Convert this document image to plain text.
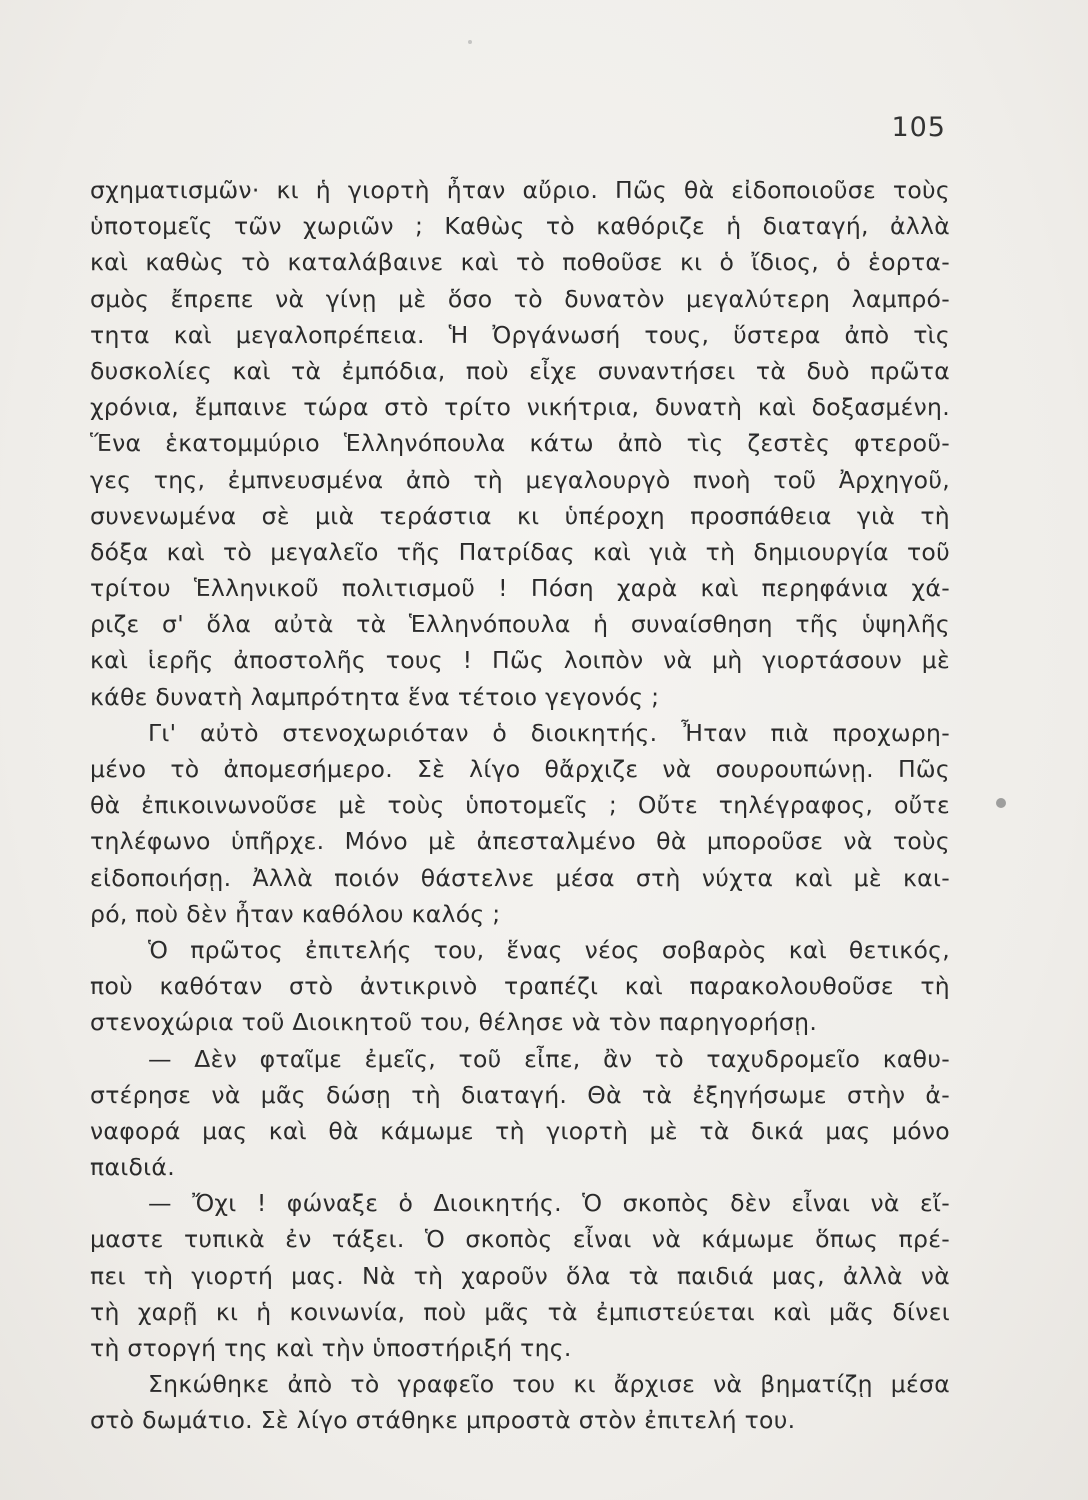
105
σχηματισμῶν· κι ἡ γιορτὴ ἦταν αὔριο. Πῶς θὰ εἰδοποιοῦσε τοὺς
ὑποτομεῖς τῶν χωριῶν ; Καθὼς τὸ καθόριζε ἡ διαταγή, ἀλλὰ
καὶ καθὼς τὸ καταλάβαινε καὶ τὸ ποθοῦσε κι ὁ ἴδιος, ὁ ἑορτα-
σμὸς ἔπρεπε νὰ γίνῃ μὲ ὅσο τὸ δυνατὸν μεγαλύτερη λαμπρό-
τητα καὶ μεγαλοπρέπεια. Ἡ Ὀργάνωσή τους, ὕστερα ἀπὸ τὶς
δυσκολίες καὶ τὰ ἐμπόδια, ποὺ εἶχε συναντήσει τὰ δυὸ πρῶτα
χρόνια, ἔμπαινε τώρα στὸ τρίτο νικήτρια, δυνατὴ καὶ δοξασμένη.
Ἕνα ἑκατομμύριο Ἑλληνόπουλα κάτω ἀπὸ τὶς ζεστὲς φτεροῦ-
γες της, ἐμπνευσμένα ἀπὸ τὴ μεγαλουργὸ πνοὴ τοῦ Ἀρχηγοῦ,
συνενωμένα σὲ μιὰ τεράστια κι ὑπέροχη προσπάθεια γιὰ τὴ
δόξα καὶ τὸ μεγαλεῖο τῆς Πατρίδας καὶ γιὰ τὴ δημιουργία τοῦ
τρίτου Ἑλληνικοῦ πολιτισμοῦ ! Πόση χαρὰ καὶ περηφάνια χά-
ριζε σ' ὅλα αὐτὰ τὰ Ἑλληνόπουλα ἡ συναίσθηση τῆς ὑψηλῆς
καὶ ἱερῆς ἀποστολῆς τους ! Πῶς λοιπὸν νὰ μὴ γιορτάσουν μὲ
κάθε δυνατὴ λαμπρότητα ἕνα τέτοιο γεγονός ;
Γι' αὐτὸ στενοχωριόταν ὁ διοικητής. Ἦταν πιὰ προχωρη-
μένο τὸ ἀπομεσήμερο. Σὲ λίγο θἄρχιζε νὰ σουρουπώνῃ. Πῶς
θὰ ἐπικοινωνοῦσε μὲ τοὺς ὑποτομεῖς ; Οὔτε τηλέγραφος, οὔτε
τηλέφωνο ὑπῆρχε. Μόνο μὲ ἀπεσταλμένο θὰ μποροῦσε νὰ τοὺς
εἰδοποιήσῃ. Ἀλλὰ ποιόν θάστελνε μέσα στὴ νύχτα καὶ μὲ και-
ρό, ποὺ δὲν ἦταν καθόλου καλός ;
Ὁ πρῶτος ἐπιτελής του, ἕνας νέος σοβαρὸς καὶ θετικός,
ποὺ καθόταν στὸ ἀντικρινὸ τραπέζι καὶ παρακολουθοῦσε τὴ
στενοχώρια τοῦ Διοικητοῦ του, θέλησε νὰ τὸν παρηγορήσῃ.
— Δὲν φταῖμε ἐμεῖς, τοῦ εἶπε, ἂν τὸ ταχυδρομεῖο καθυ-
στέρησε νὰ μᾶς δώσῃ τὴ διαταγή. Θὰ τὰ ἐξηγήσωμε στὴν ἀ-
ναφορά μας καὶ θὰ κάμωμε τὴ γιορτὴ μὲ τὰ δικά μας μόνο
παιδιά.
— Ὄχι ! φώναξε ὁ Διοικητής. Ὁ σκοπὸς δὲν εἶναι νὰ εἴ-
μαστε τυπικὰ ἐν τάξει. Ὁ σκοπὸς εἶναι νὰ κάμωμε ὅπως πρέ-
πει τὴ γιορτή μας. Νὰ τὴ χαροῦν ὅλα τὰ παιδιά μας, ἀλλὰ νὰ
τὴ χαρῇ κι ἡ κοινωνία, ποὺ μᾶς τὰ ἐμπιστεύεται καὶ μᾶς δίνει
τὴ στοργή της καὶ τὴν ὑποστήριξή της.
Σηκώθηκε ἀπὸ τὸ γραφεῖο του κι ἄρχισε νὰ βηματίζῃ μέσα
στὸ δωμάτιο. Σὲ λίγο στάθηκε μπροστὰ στὸν ἐπιτελή του.
